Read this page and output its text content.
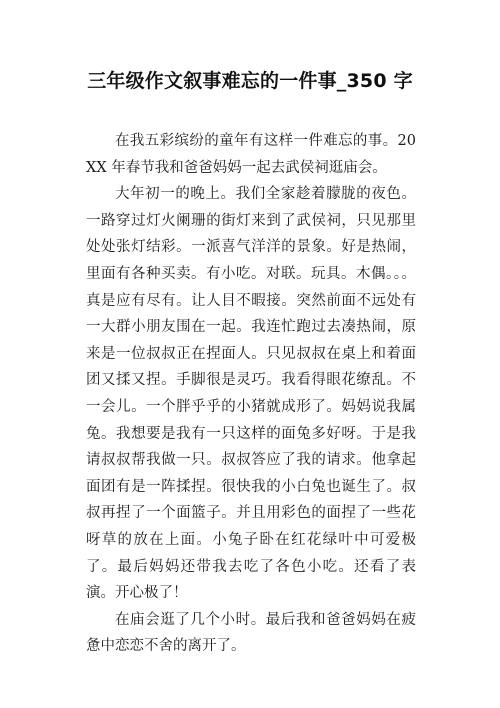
三年级作文叙事难忘的一件事_350 字

在我五彩缤纷的童年有这样一件难忘的事。20XX 年春节我和爸爸妈妈一起去武侯祠逛庙会。

大年初一的晚上。我们全家趁着朦胧的夜色。一路穿过灯火阑珊的街灯来到了武侯祠，只见那里处处张灯结彩。一派喜气洋洋的景象。好是热闹，里面有各种买卖。有小吃。对联。玩具。木偶。。。真是应有尽有。让人目不暇接。突然前面不远处有一大群小朋友围在一起。我连忙跑过去凑热闹，原来是一位叔叔正在捏面人。只见叔叔在桌上和着面团又揉又捏。手脚很是灵巧。我看得眼花缭乱。不一会儿。一个胖乎乎的小猪就成形了。妈妈说我属兔。我想要是我有一只这样的面兔多好呀。于是我请叔叔帮我做一只。叔叔答应了我的请求。他拿起面团有是一阵揉捏。很快我的小白兔也诞生了。叔叔再捏了一个面篮子。并且用彩色的面捏了一些花呀草的放在上面。小兔子卧在红花绿叶中可爱极了。最后妈妈还带我去吃了各色小吃。还看了表演。开心极了！

在庙会逛了几个小时。最后我和爸爸妈妈在疲惫中恋恋不舍的离开了。
